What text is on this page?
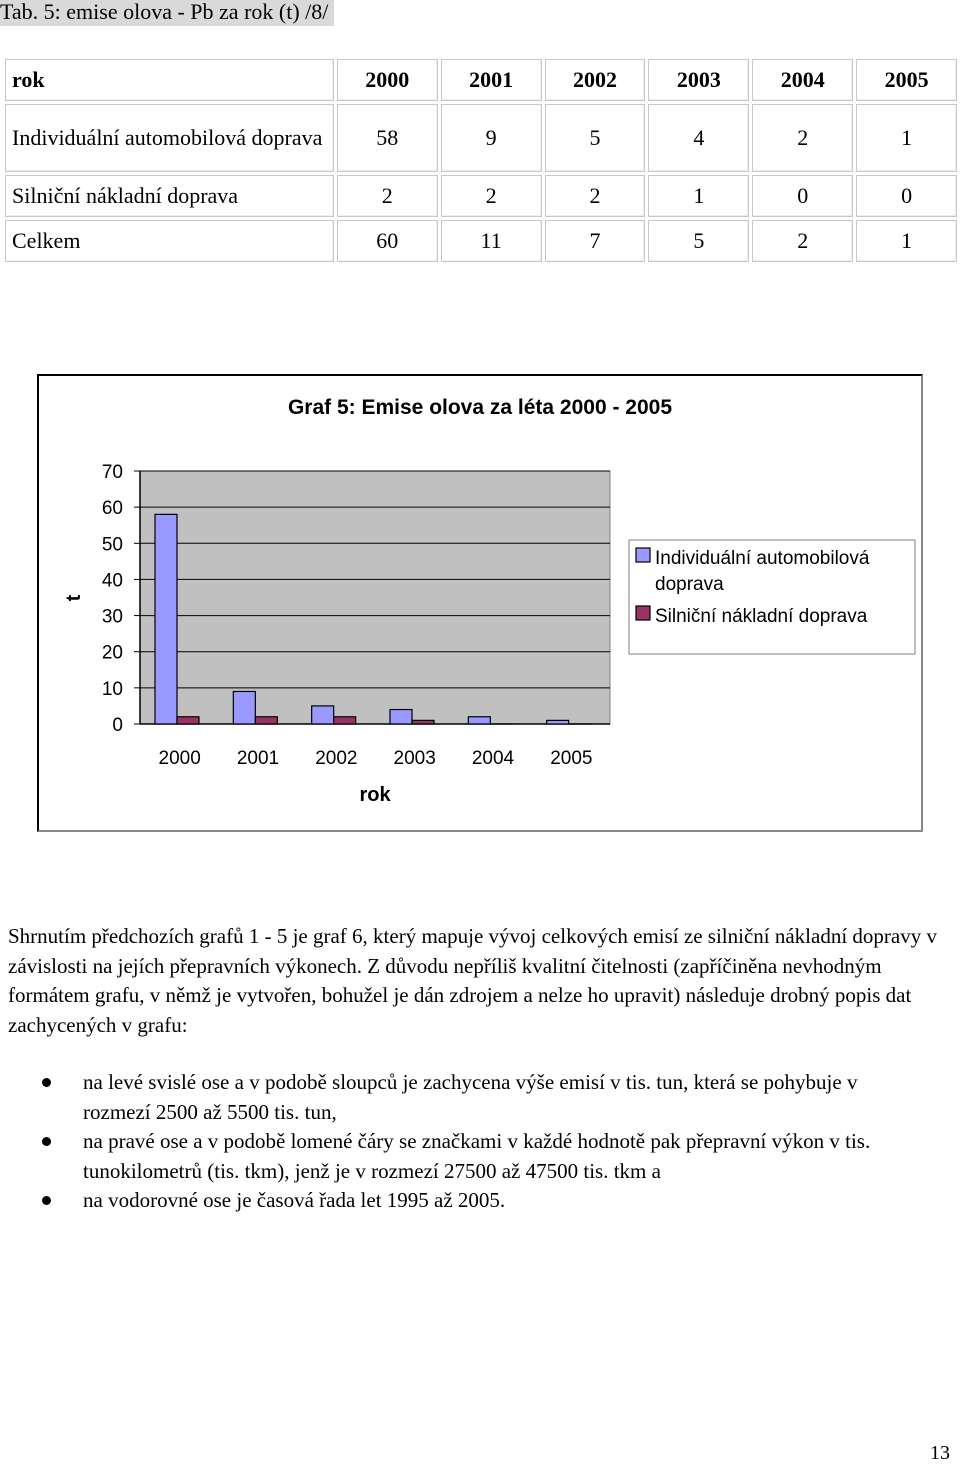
Tab. 5: emise olova - Pb za rok (t) /8/
rok	2000	2001	2002	2003	2004	2005
Individuální automobilová doprava	58	9	5	4	2	1
Silniční nákladní doprava	2	2	2	1	0	0
Celkem	60	11	7	5	2	1
Graf 5: Emise olova za léta 2000 - 2005
0
10
20
30
40
50
60
70
t
2000 2001 2002 2003 2004 2005
rok
Individuální automobilová
doprava
Silniční nákladní doprava

Shrnutím předchozích grafů 1 - 5 je graf 6, který mapuje vývoj celkových emisí ze silniční nákladní dopravy v závislosti na jejích přepravních výkonech. Z důvodu nepříliš kvalitní čitelnosti (zapříčiněna nevhodným formátem grafu, v němž je vytvořen, bohužel je dán zdrojem a nelze ho upravit) následuje drobný popis dat zachycených v grafu:

na levé svislé ose a v podobě sloupců je zachycena výše emisí v tis. tun, která se pohybuje v rozmezí 2500 až 5500 tis. tun,
na pravé ose a v podobě lomené čáry se značkami v každé hodnotě pak přepravní výkon v tis. tunokilometrů (tis. tkm), jenž je v rozmezí 27500 až 47500 tis. tkm a
na vodorovné ose je časová řada let 1995 až 2005.
13
